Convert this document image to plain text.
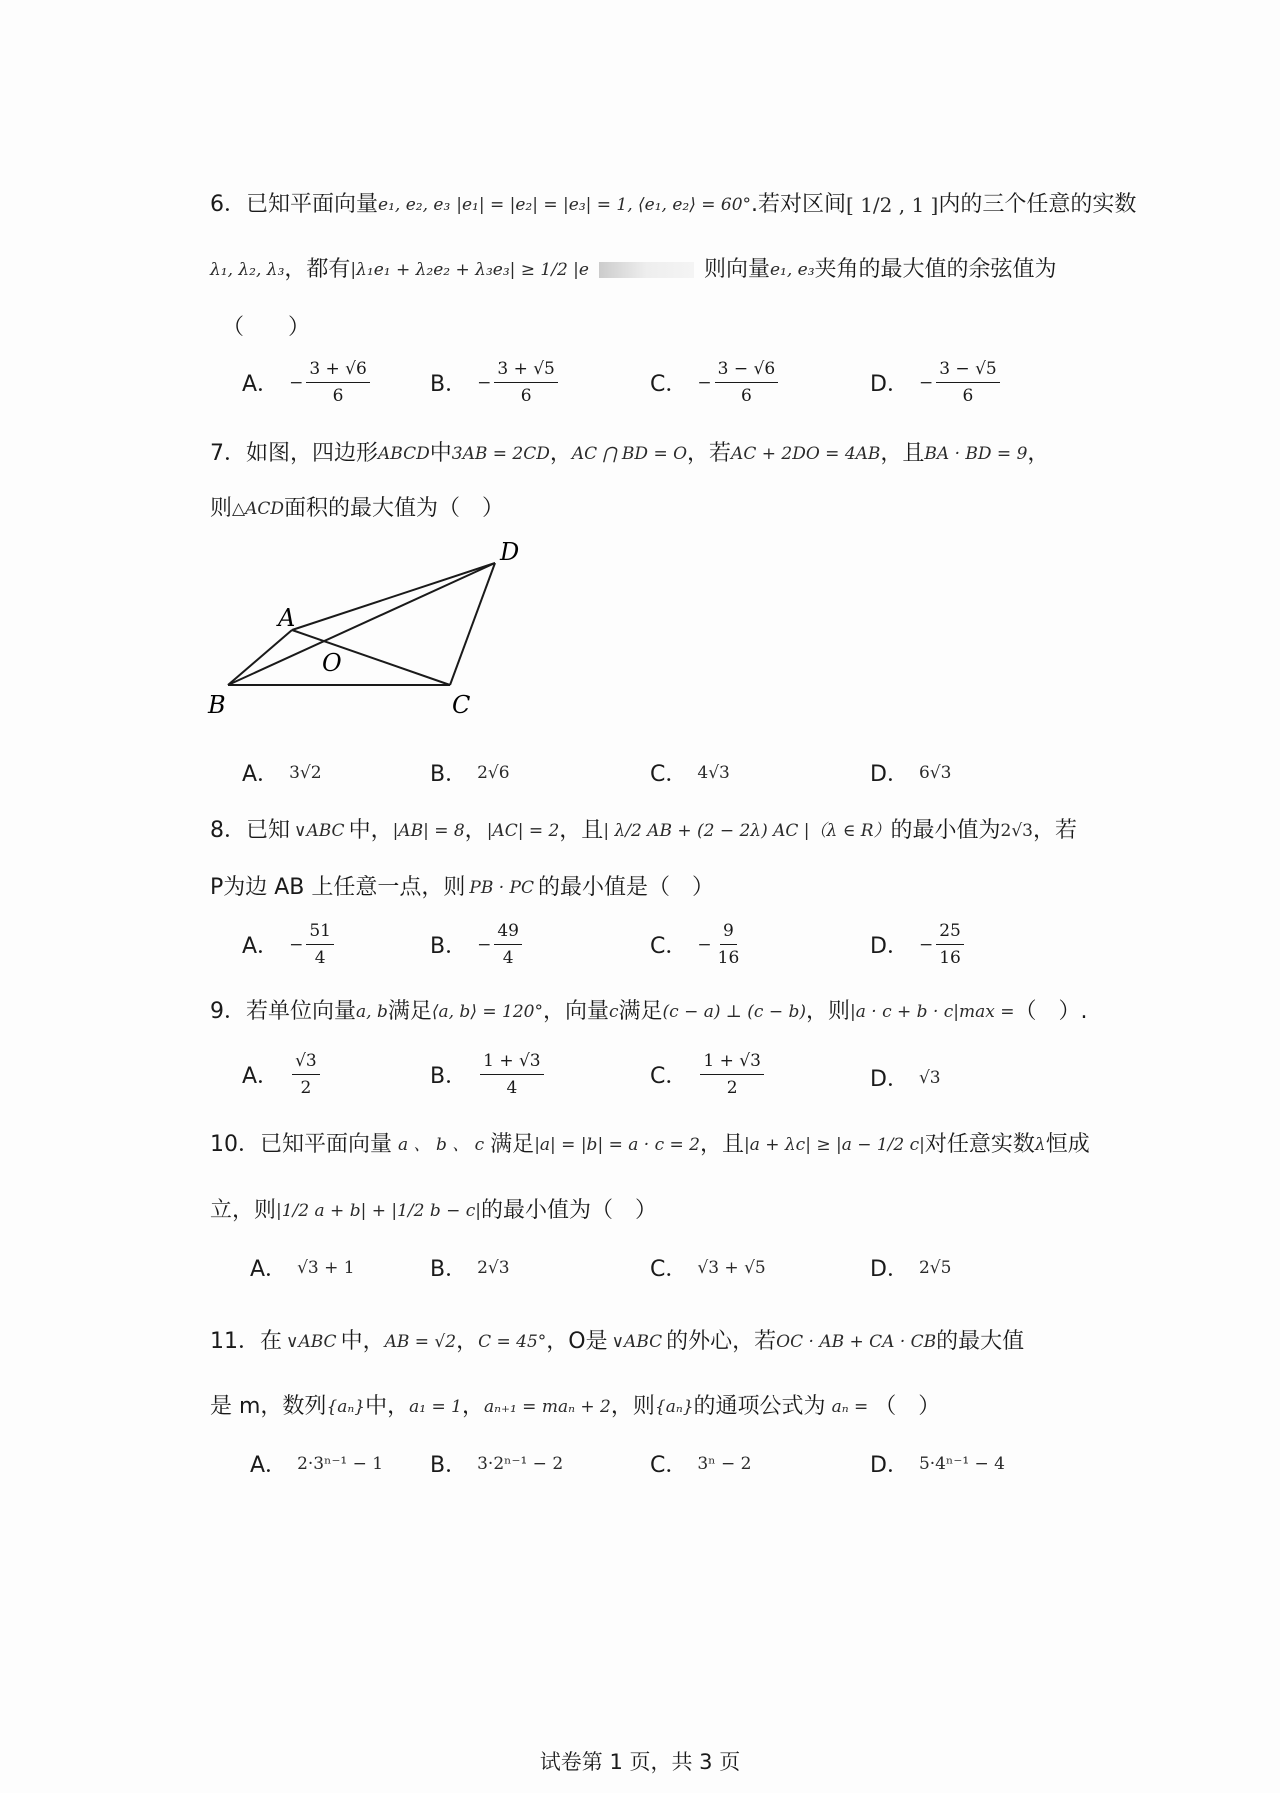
6． 已知平面向量 e₁, e₂, e₃ |e₁| = |e₂| = |e₃| = 1, ⟨e₁, e₂⟩ = 60° .若对区间 [ 1/2 , 1 ] 内的三个任意的实数
λ₁, λ₂, λ₃ ，都有 |λ₁e₁ + λ₂e₂ + λ₃e₃| ≥ 1/2 |e	则向量 e₁, e₃ 夹角的最大值的余弦值为
（　　）
A． − $\frac{3 + √6}{6}$	B． − $\frac{3 + √5}{6}$	C． − $\frac{3 - √6}{6}$	D． − $\frac{3 - √5}{6}$
7． 如图，四边形 ABCD 中 3AB = 2CD ， AC ⋂ BD = O ，若 AC + 2DO = 4AB ，且 BA · BD = 9 ，
则 △ACD 面积的最大值为（　）
A
B	C
D
O
A． 3√2	B． 2√6	C． 4√3	D． 6√3
8． 已知 ∨ABC 中， |AB| = 8 ， |AC| = 2 ，且 | λ/2 AB + (2 − 2λ) AC | （λ ∈ R） 的最小值为 2√3 ，若
P为边 AB 上任意一点，则 PB · PC 的最小值是（　）
A． − $\frac{51}{4}$	B． − $\frac{49}{4}$	C． − $\frac{9}{16}$	D． − $\frac{25}{16}$
9． 若单位向量 a, b 满足 ⟨a, b⟩ = 120° ，向量 c 满足 (c − a) ⊥ (c − b) ，则 |a · c + b · c|max = （　）.
A． $\frac{√3}{2}$	B． $\frac{1 + √3}{4}$	C． $\frac{1 + √3}{2}$	D． √3
10． 已知平面向量 a 、 b 、 c 满足 |a| = |b| = a · c = 2 ，且 |a + λc| ≥ |a − 1/2 c| 对任意实数 λ 恒成
立，则 |1/2 a + b| + |1/2 b − c| 的最小值为（　）
A． √3 + 1	B． 2√3	C． √3 + √5	D． 2√5
11． 在 ∨ABC 中， AB = √2 ， C = 45° ，O是 ∨ABC 的外心，若 OC · AB + CA · CB 的最大值
是 m，数列 {aₙ} 中， a₁ = 1 ， aₙ₊₁ = maₙ + 2 ，则 {aₙ} 的通项公式为 aₙ = （　）
A． 2·3ⁿ⁻¹ − 1 B． 3·2ⁿ⁻¹ − 2	C． 3ⁿ − 2	D． 5·4ⁿ⁻¹ − 4
试卷第 1 页，共 3 页
